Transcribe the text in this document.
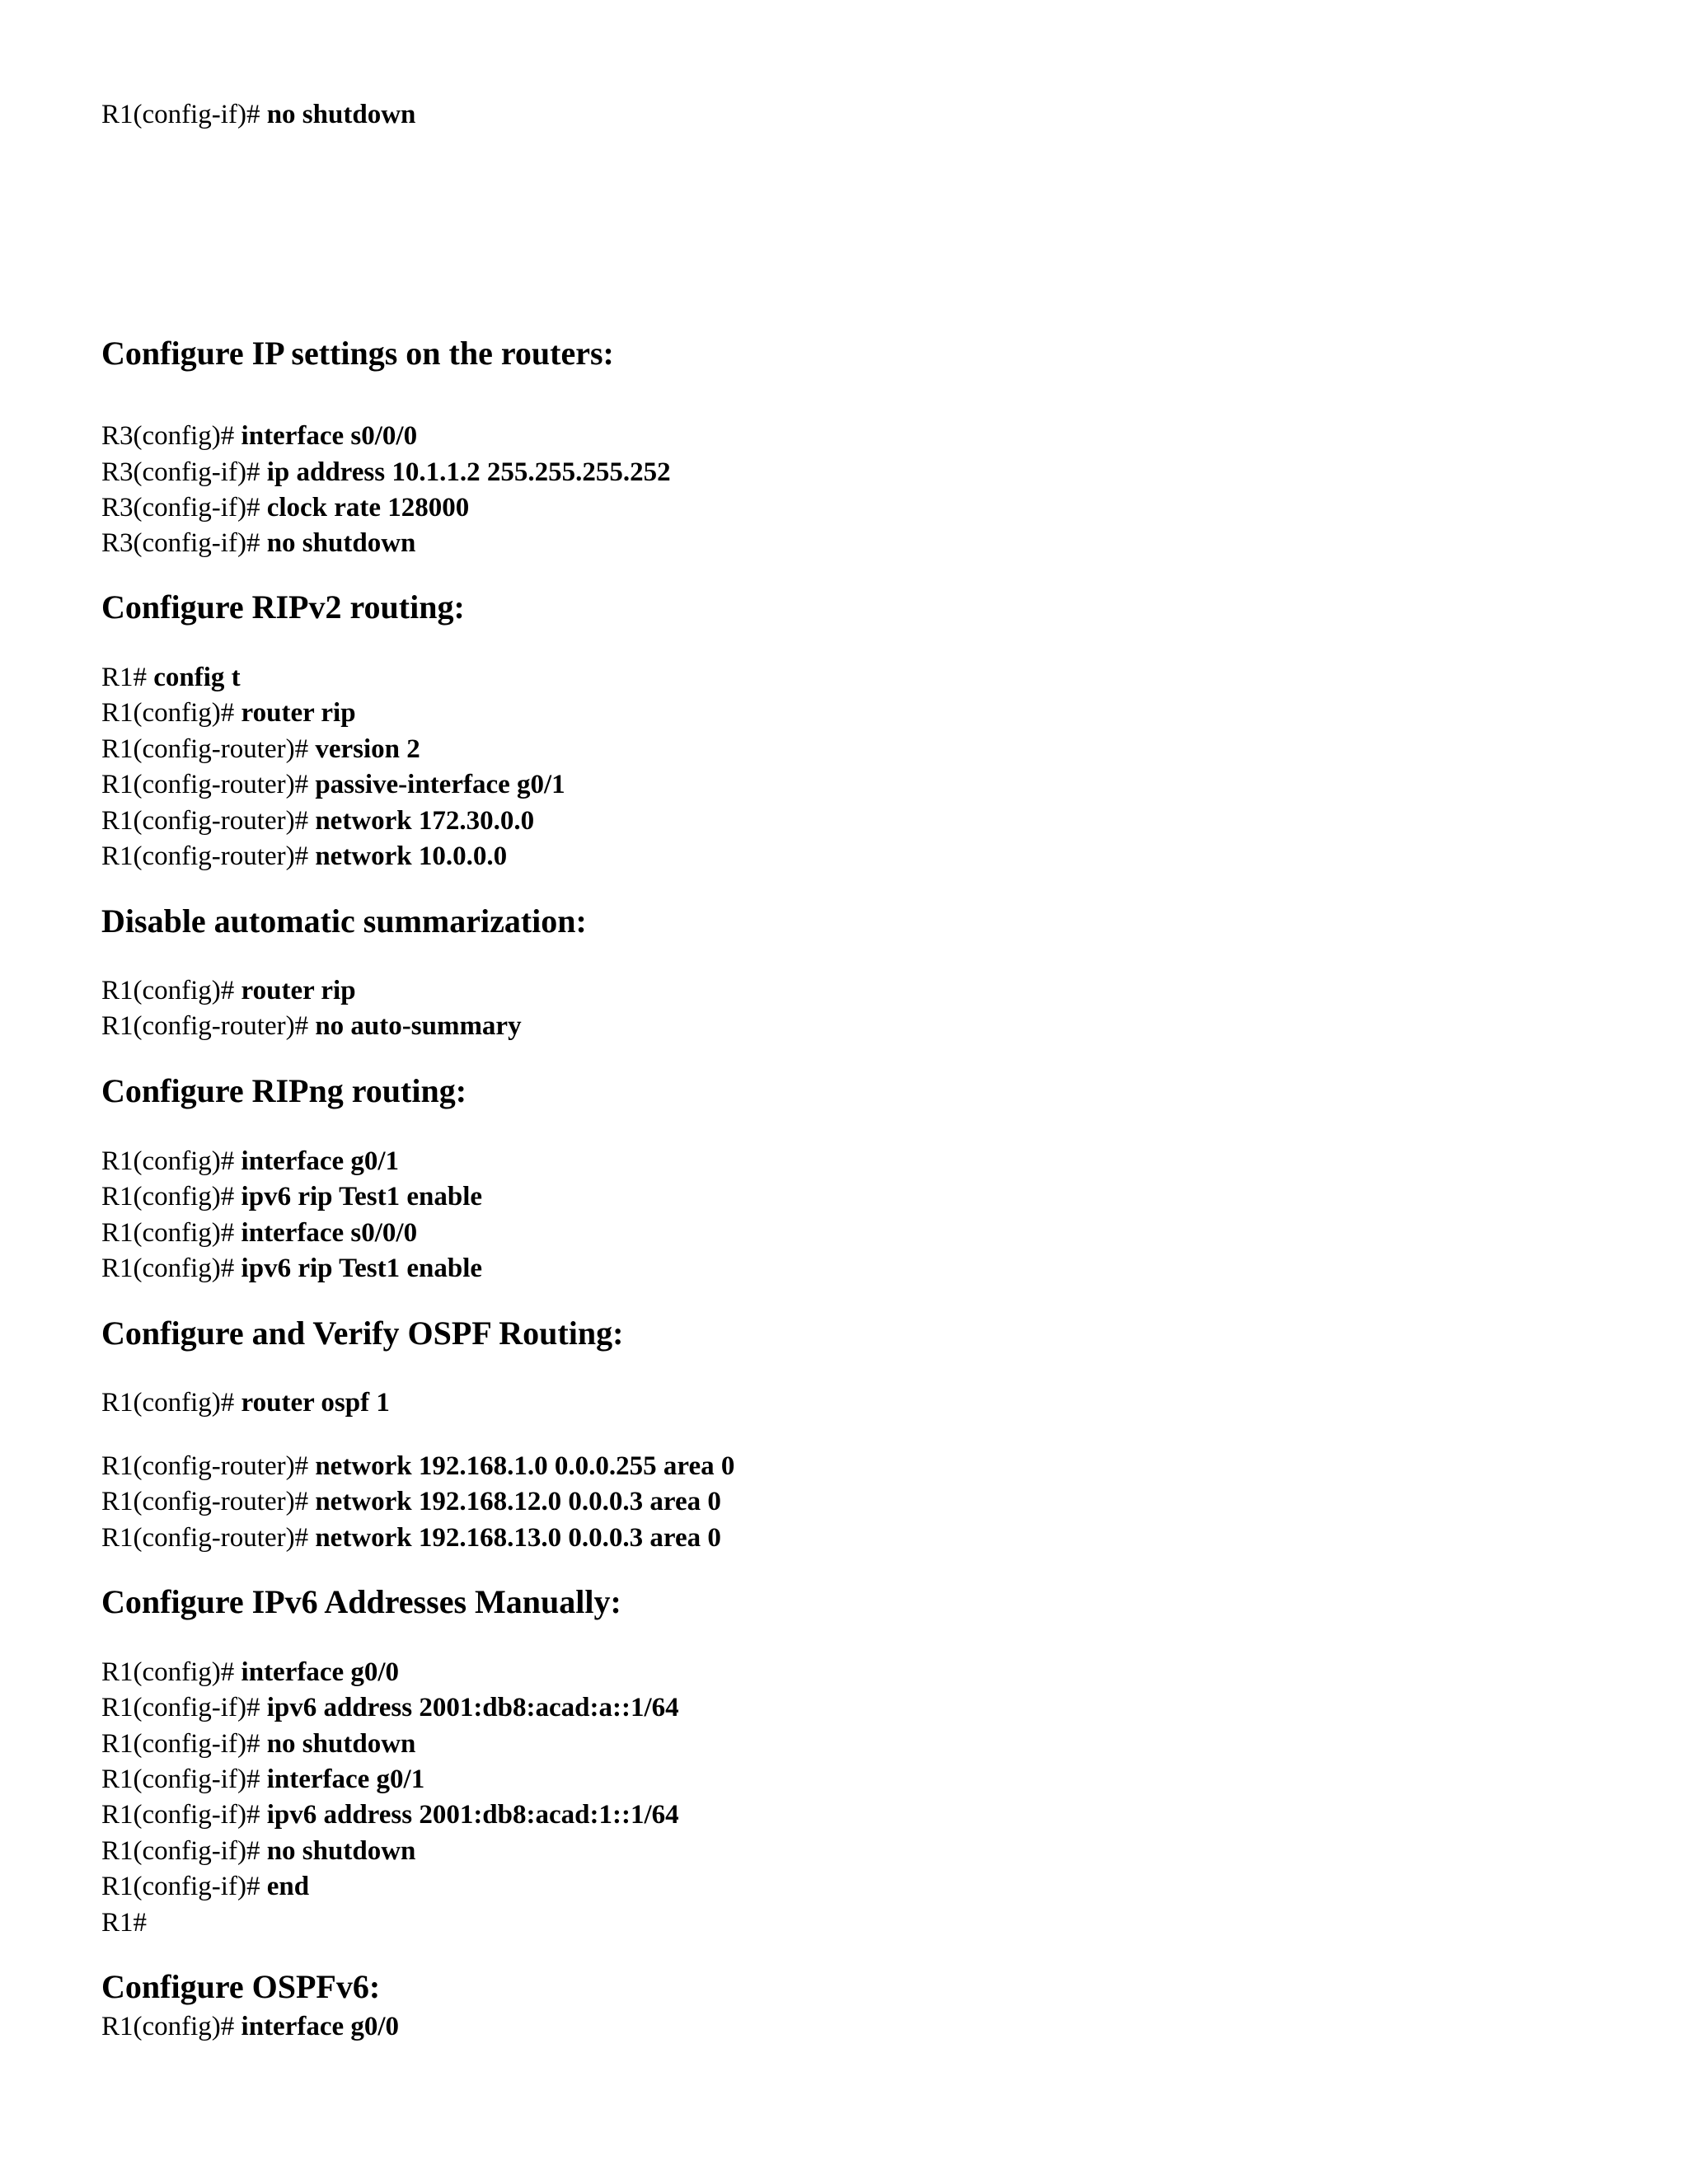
R1(config-if)# no shutdown
Configure IP settings on the routers:
R3(config)# interface s0/0/0
R3(config-if)# ip address 10.1.1.2 255.255.255.252
R3(config-if)# clock rate 128000
R3(config-if)# no shutdown
Configure RIPv2 routing:
R1# config t
R1(config)# router rip
R1(config-router)# version 2
R1(config-router)# passive-interface g0/1
R1(config-router)# network 172.30.0.0
R1(config-router)# network 10.0.0.0
Disable automatic summarization:
R1(config)# router rip
R1(config-router)# no auto-summary
Configure RIPng routing:
R1(config)# interface g0/1
R1(config)# ipv6 rip Test1 enable
R1(config)# interface s0/0/0
R1(config)# ipv6 rip Test1 enable
Configure and Verify OSPF Routing:
R1(config)# router ospf 1
R1(config-router)# network 192.168.1.0 0.0.0.255 area 0
R1(config-router)# network 192.168.12.0 0.0.0.3 area 0
R1(config-router)# network 192.168.13.0 0.0.0.3 area 0
Configure IPv6 Addresses Manually:
R1(config)# interface g0/0
R1(config-if)# ipv6 address 2001:db8:acad:a::1/64
R1(config-if)# no shutdown
R1(config-if)# interface g0/1
R1(config-if)# ipv6 address 2001:db8:acad:1::1/64
R1(config-if)# no shutdown
R1(config-if)# end
R1#
Configure OSPFv6:
R1(config)# interface g0/0
